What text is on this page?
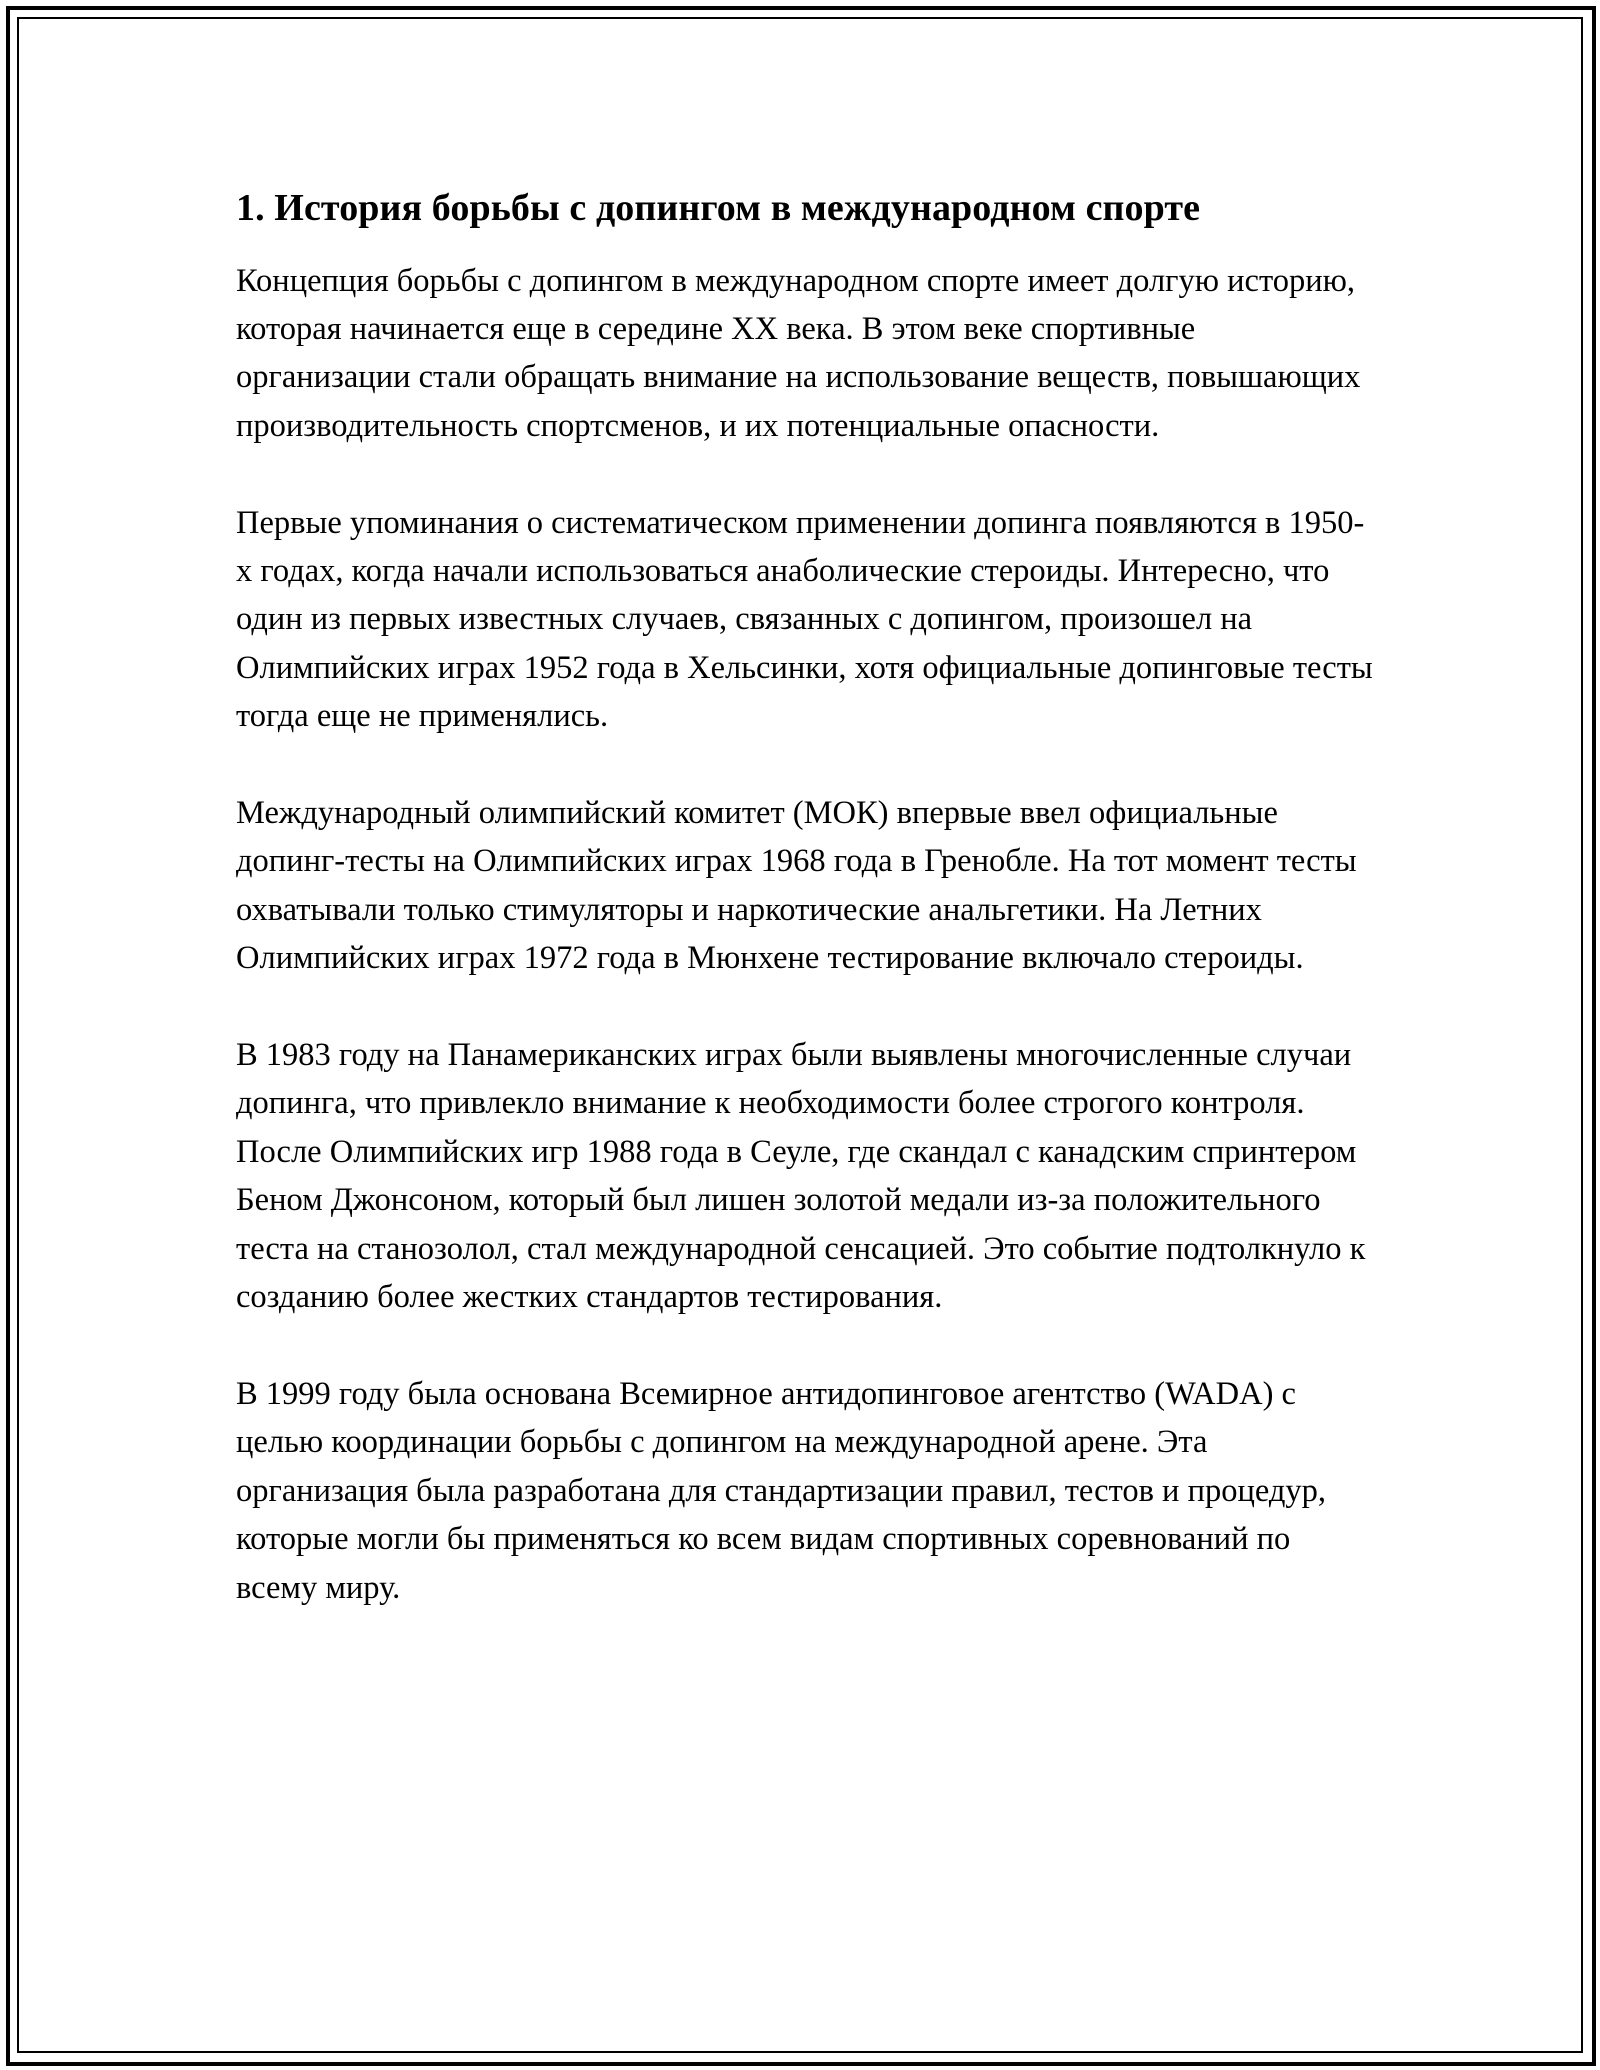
1. История борьбы с допингом в международном спорте

Концепция борьбы с допингом в международном спорте имеет долгую историю, которая начинается еще в середине XX века. В этом веке спортивные организации стали обращать внимание на использование веществ, повышающих производительность спортсменов, и их потенциальные опасности.

Первые упоминания о систематическом применении допинга появляются в 1950-х годах, когда начали использоваться анаболические стероиды. Интересно, что один из первых известных случаев, связанных с допингом, произошел на Олимпийских играх 1952 года в Хельсинки, хотя официальные допинговые тесты тогда еще не применялись.

Международный олимпийский комитет (МОК) впервые ввел официальные допинг-тесты на Олимпийских играх 1968 года в Гренобле. На тот момент тесты охватывали только стимуляторы и наркотические анальгетики. На Летних Олимпийских играх 1972 года в Мюнхене тестирование включало стероиды.

В 1983 году на Панамериканских играх были выявлены многочисленные случаи допинга, что привлекло внимание к необходимости более строгого контроля. После Олимпийских игр 1988 года в Сеуле, где скандал с канадским спринтером Беном Джонсоном, который был лишен золотой медали из-за положительного теста на станозолол, стал международной сенсацией. Это событие подтолкнуло к созданию более жестких стандартов тестирования.

В 1999 году была основана Всемирное антидопинговое агентство (WADA) с целью координации борьбы с допингом на международной арене. Эта организация была разработана для стандартизации правил, тестов и процедур, которые могли бы применяться ко всем видам спортивных соревнований по всему миру.
